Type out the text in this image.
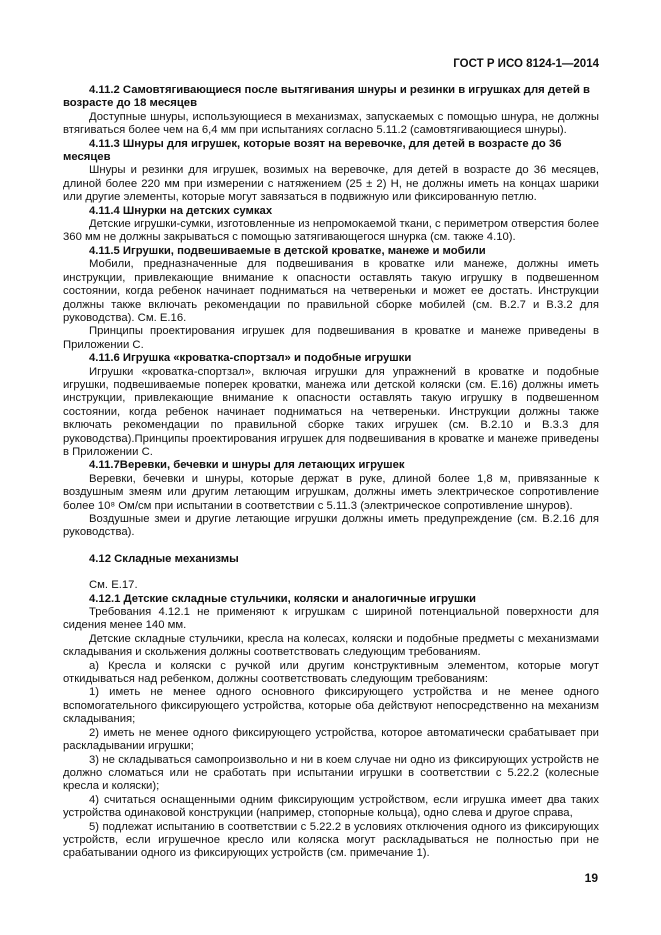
ГОСТ Р ИСО 8124-1—2014

4.11.2 Самовтягивающиеся после вытягивания шнуры и резинки в игрушках для детей в возрасте до 18 месяцев

Доступные шнуры, использующиеся в механизмах, запускаемых с помощью шнура, не должны втягиваться более чем на 6,4 мм при испытаниях согласно 5.11.2 (самовтягивающиеся шнуры).

4.11.3 Шнуры для игрушек, которые возят на веревочке, для детей в возрасте до 36 месяцев

Шнуры и резинки для игрушек, возимых на веревочке, для детей в возрасте до 36 месяцев, длиной более 220 мм при измерении с натяжением (25 ± 2) Н, не должны иметь на концах шарики или другие элементы, которые могут завязаться в подвижную или фиксированную петлю.

4.11.4 Шнурки на детских сумках

Детские игрушки-сумки, изготовленные из непромокаемой ткани, с периметром отверстия более 360 мм не должны закрываться с помощью затягивающегося шнурка (см. также 4.10).

4.11.5 Игрушки, подвешиваемые в детской кроватке, манеже и мобили

Мобили, предназначенные для подвешивания в кроватке или манеже, должны иметь инструкции, привлекающие внимание к опасности оставлять такую игрушку в подвешенном состоянии, когда ребенок начинает подниматься на четвереньки и может ее достать. Инструкции должны также включать рекомендации по правильной сборке мобилей (см. В.2.7 и В.3.2 для руководства). См. Е.16.

Принципы проектирования игрушек для подвешивания в кроватке и манеже приведены в Приложении С.

4.11.6 Игрушка «кроватка-спортзал» и подобные игрушки

Игрушки «кроватка-спортзал», включая игрушки для упражнений в кроватке и подобные игрушки, подвешиваемые поперек кроватки, манежа или детской коляски (см. Е.16) должны иметь инструкции, привлекающие внимание к опасности оставлять такую игрушку в подвешенном состоянии, когда ребенок начинает подниматься на четвереньки. Инструкции должны также включать рекомендации по правильной сборке таких игрушек (см. В.2.10 и В.3.3 для руководства).Принципы проектирования игрушек для подвешивания в кроватке и манеже приведены в Приложении С.

4.11.7Веревки, бечевки и шнуры для летающих игрушек

Веревки, бечевки и шнуры, которые держат в руке, длиной более 1,8 м, привязанные к воздушным змеям или другим летающим игрушкам, должны иметь электрическое сопротивление более 10⁸ Ом/см при испытании в соответствии с 5.11.3 (электрическое сопротивление шнуров).

Воздушные змеи и другие летающие игрушки должны иметь предупреждение (см. В.2.16 для руководства).

4.12 Складные механизмы

См. Е.17.

4.12.1 Детские складные стульчики, коляски и аналогичные игрушки

Требования 4.12.1 не применяют к игрушкам с шириной потенциальной поверхности для сидения менее 140 мм.

Детские складные стульчики, кресла на колесах, коляски и подобные предметы с механизмами складывания и скольжения должны соответствовать следующим требованиям.

а) Кресла и коляски с ручкой или другим конструктивным элементом, которые могут откидываться над ребенком, должны соответствовать следующим требованиям:

1) иметь не менее одного основного фиксирующего устройства и не менее одного вспомогательного фиксирующего устройства, которые оба действуют непосредственно на механизм складывания;

2) иметь не менее одного фиксирующего устройства, которое автоматически срабатывает при раскладывании игрушки;

3) не складываться самопроизвольно и ни в коем случае ни одно из фиксирующих устройств не должно сломаться или не сработать при испытании игрушки в соответствии с 5.22.2 (колесные кресла и коляски);

4) считаться оснащенными одним фиксирующим устройством, если игрушка имеет два таких устройства одинаковой конструкции (например, стопорные кольца), одно слева и другое справа,

5) подлежат испытанию в соответствии с 5.22.2 в условиях отключения одного из фиксирующих устройств, если игрушечное кресло или коляска могут раскладываться не полностью при не срабатывании одного из фиксирующих устройств (см. примечание 1).

19
